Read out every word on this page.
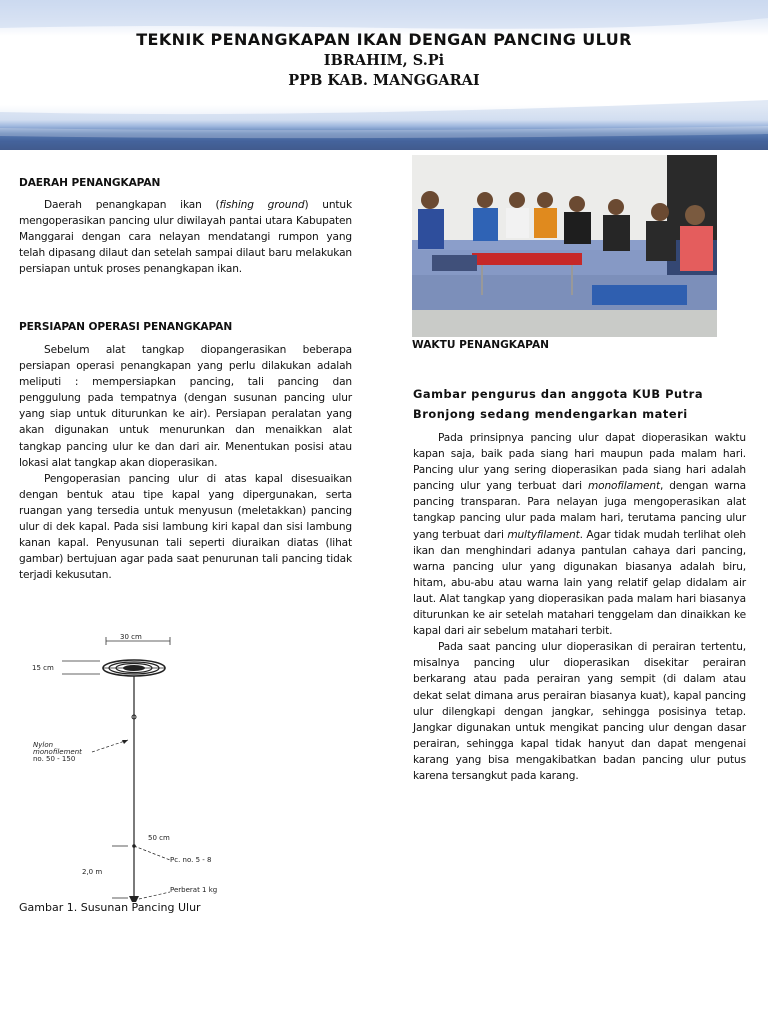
TEKNIK PENANGKAPAN IKAN DENGAN PANCING ULUR
IBRAHIM, S.Pi
PPB KAB. MANGGARAI

DAERAH PENANGKAPAN

Daerah penangkapan ikan (fishing ground) untuk mengoperasikan pancing ulur diwilayah pantai utara Kabupaten Manggarai dengan cara nelayan mendatangi rumpon yang telah dipasang dilaut dan setelah sampai dilaut baru melakukan persiapan untuk proses penangkapan ikan.

PERSIAPAN OPERASI PENANGKAPAN

Sebelum alat tangkap diopangerasikan beberapa persiapan operasi penangkapan yang perlu dilakukan adalah meliputi : mempersiapkan pancing, tali pancing dan penggulung pada tempatnya (dengan susunan pancing ulur yang siap untuk diturunkan ke air). Persiapan peralatan yang akan digunakan untuk menurunkan dan menaikkan alat tangkap pancing ulur ke dan dari air. Menentukan posisi atau lokasi alat tangkap akan dioperasikan.

Pengoperasian pancing ulur di atas kapal disesuaikan dengan bentuk atau tipe kapal yang dipergunakan, serta ruangan yang tersedia untuk menyusun (meletakkan) pancing ulur di dek kapal. Pada sisi lambung kiri kapal dan sisi lambung kanan kapal. Penyusunan tali seperti diuraikan diatas (lihat gambar) bertujuan agar pada saat penurunan tali pancing tidak terjadi kekusutan.

30 cm
15 cm
Nylon
monofilement
no. 50 - 150
50 cm
Pc. no. 5 - 8
2,0 m
Perberat 1 kg

Gambar 1. Susunan Pancing Ulur

WAKTU PENANGKAPAN

Gambar pengurus dan anggota KUB Putra Bronjong sedang mendengarkan materi

Pada prinsipnya pancing ulur dapat dioperasikan waktu kapan saja, baik pada siang hari maupun pada malam hari. Pancing ulur yang sering dioperasikan pada siang hari adalah pancing ulur yang terbuat dari monofilament, dengan warna pancing transparan. Para nelayan juga mengoperasikan alat tangkap pancing ulur pada malam hari, terutama pancing ulur yang terbuat dari multyfilament. Agar tidak mudah terlihat oleh ikan dan menghindari adanya pantulan cahaya dari pancing, warna pancing ulur yang digunakan biasanya adalah biru, hitam, abu-abu atau warna lain yang relatif gelap didalam air laut. Alat tangkap yang dioperasikan pada malam hari biasanya diturunkan ke air setelah matahari tenggelam dan dinaikkan ke kapal dari air sebelum matahari terbit.

Pada saat pancing ulur dioperasikan di perairan tertentu, misalnya pancing ulur dioperasikan disekitar perairan berkarang atau pada perairan yang sempit (di dalam atau dekat selat dimana arus perairan biasanya kuat), kapal pancing ulur dilengkapi dengan jangkar, sehingga posisinya tetap. Jangkar digunakan untuk mengikat pancing ulur dengan dasar perairan, sehingga kapal tidak hanyut dan dapat mengenai karang yang bisa mengakibatkan badan pancing ulur putus karena tersangkut pada karang.
